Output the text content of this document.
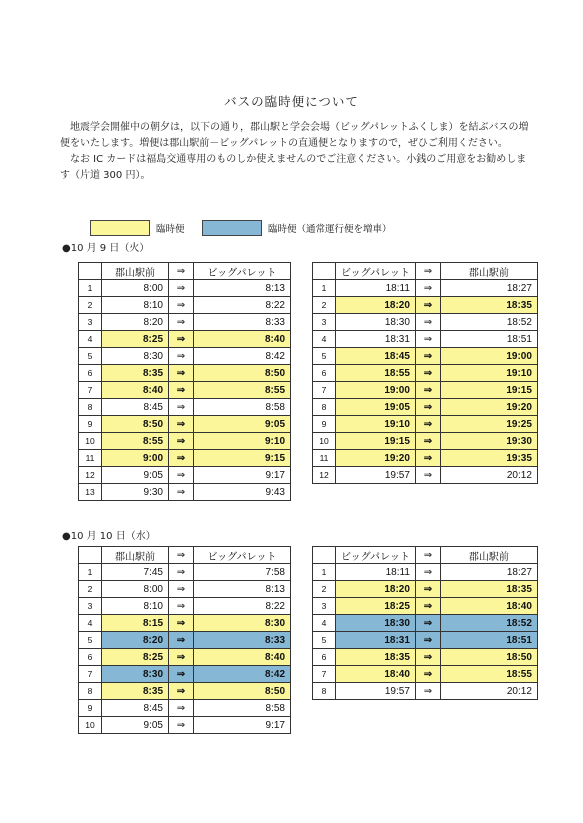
バスの臨時便について

　地震学会開催中の朝夕は，以下の通り，郡山駅と学会会場（ビッグパレットふくしま）を結ぶバスの増便をいたします。増便は郡山駅前－ビッグパレットの直通便となりますので，ぜひご利用ください。

　なお IC カードは福島交通専用のものしか使えませんのでご注意ください。小銭のご用意をお勧めします（片道 300 円）。

臨時便	臨時便（通常運行便を増車）
●10 月 9 日（火）
	郡山駅前	⇒	ビッグパレット
1	8:00	⇒	8:13
2	8:10	⇒	8:22
3	8:20	⇒	8:33
4	8:25	⇒	8:40
5	8:30	⇒	8:42
6	8:35	⇒	8:50
7	8:40	⇒	8:55
8	8:45	⇒	8:58
9	8:50	⇒	9:05
10	8:55	⇒	9:10
11	9:00	⇒	9:15
12	9:05	⇒	9:17
13	9:30	⇒	9:43
	ビッグパレット	⇒	郡山駅前
1	18:11	⇒	18:27
2	18:20	⇒	18:35
3	18:30	⇒	18:52
4	18:31	⇒	18:51
5	18:45	⇒	19:00
6	18:55	⇒	19:10
7	19:00	⇒	19:15
8	19:05	⇒	19:20
9	19:10	⇒	19:25
10	19:15	⇒	19:30
11	19:20	⇒	19:35
12	19:57	⇒	20:12
●10 月 10 日（水）
	郡山駅前	⇒	ビッグパレット
1	7:45	⇒	7:58
2	8:00	⇒	8:13
3	8:10	⇒	8:22
4	8:15	⇒	8:30
5	8:20	⇒	8:33
6	8:25	⇒	8:40
7	8:30	⇒	8:42
8	8:35	⇒	8:50
9	8:45	⇒	8:58
10	9:05	⇒	9:17
	ビッグパレット	⇒	郡山駅前
1	18:11	⇒	18:27
2	18:20	⇒	18:35
3	18:25	⇒	18:40
4	18:30	⇒	18:52
5	18:31	⇒	18:51
6	18:35	⇒	18:50
7	18:40	⇒	18:55
8	19:57	⇒	20:12
